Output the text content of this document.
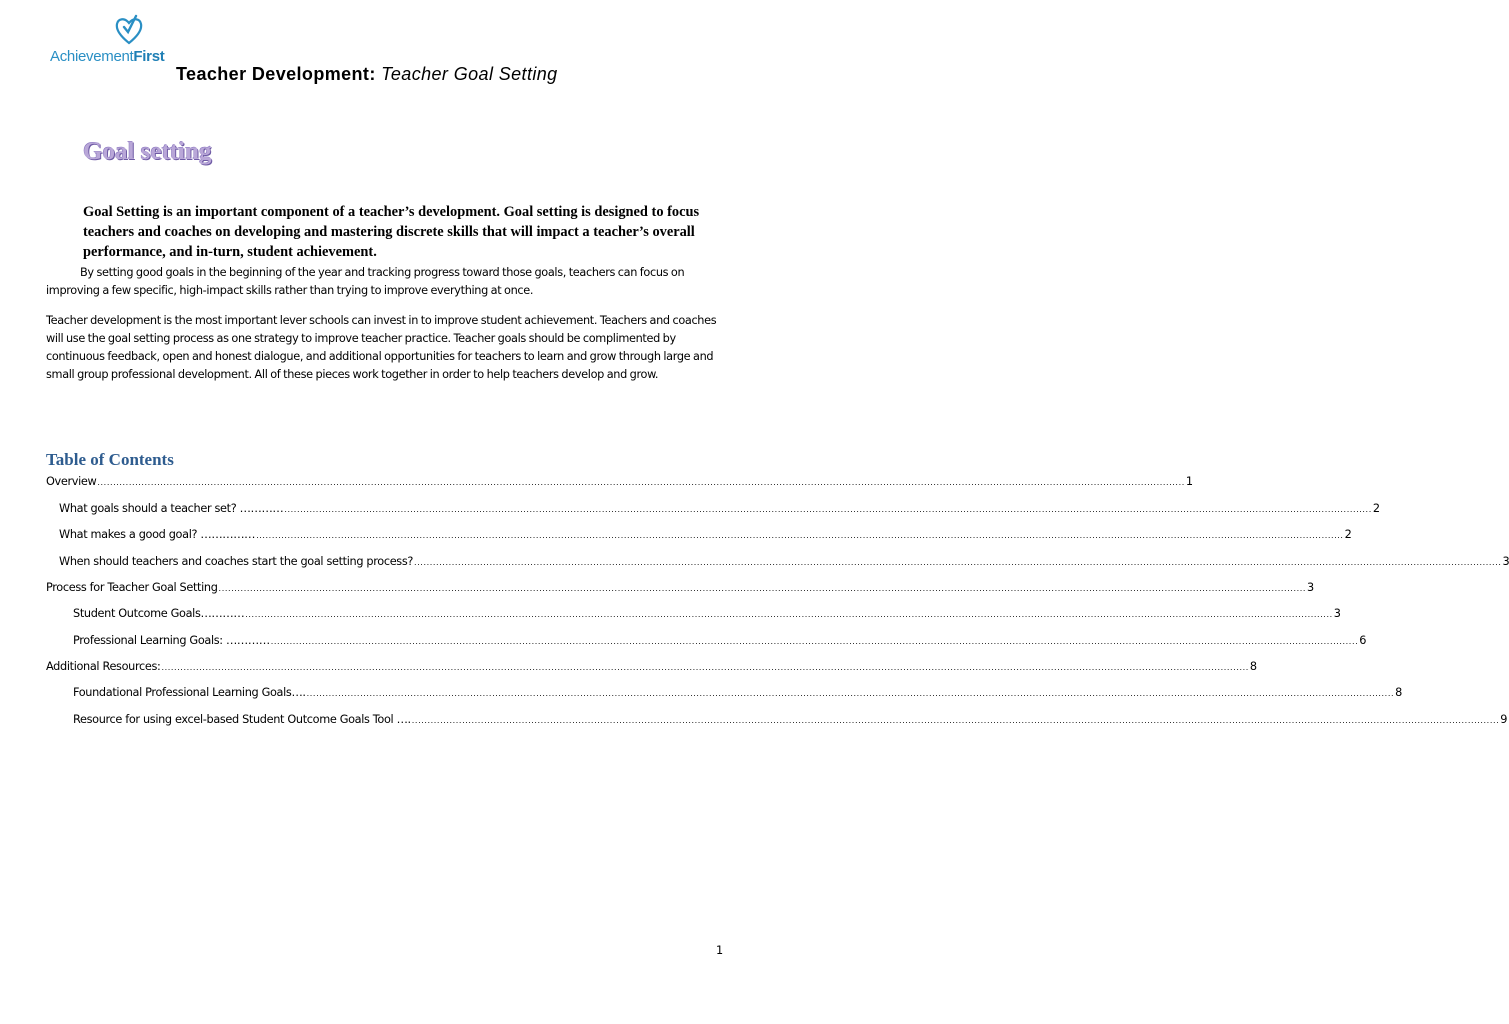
AchievementFirst
Teacher Development: Teacher Goal Setting
Goal setting
Goal Setting is an important component of a teacher’s development. Goal setting is designed to focus teachers and coaches on developing and mastering discrete skills that will impact a teacher’s overall performance, and in-turn, student achievement.
By setting good goals in the beginning of the year and tracking progress toward those goals, teachers can focus on improving a few specific, high-impact skills rather than trying to improve everything at once.
Teacher development is the most important lever schools can invest in to improve student achievement. Teachers and coaches will use the goal setting process as one strategy to improve teacher practice. Teacher goals should be complimented by continuous feedback, open and honest dialogue, and additional opportunities for teachers to learn and grow through large and small group professional development. All of these pieces work together in order to help teachers develop and grow.
Table of Contents
Overview .......................................................................................................................................................................................................................................................................................................................................................... 1
What goals should a teacher set? ………… .......................................................................................................................................................................................................................................................................................................................................................... 2
What makes a good goal? …………… .......................................................................................................................................................................................................................................................................................................................................................... 2
When should teachers and coaches start the goal setting process? .......................................................................................................................................................................................................................................................................................................................................................... 3
Process for Teacher Goal Setting .......................................................................................................................................................................................................................................................................................................................................................... 3
Student Outcome Goals………… .......................................................................................................................................................................................................................................................................................................................................................... 3
Professional Learning Goals: ………… .......................................................................................................................................................................................................................................................................................................................................................... 6
Additional Resources: .......................................................................................................................................................................................................................................................................................................................................................... 8
Foundational Professional Learning Goals…. .......................................................................................................................................................................................................................................................................................................................................................... 8
Resource for using excel-based Student Outcome Goals Tool …. .......................................................................................................................................................................................................................................................................................................................................................... 9
1
